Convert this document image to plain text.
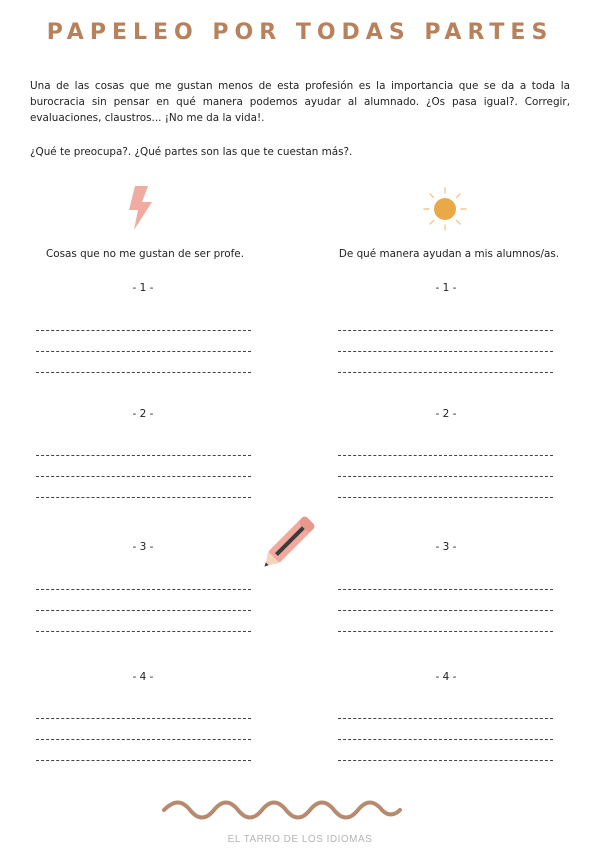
PAPELEO POR TODAS PARTES

Una de las cosas que me gustan menos de esta profesión es la importancia que se da a toda la burocracia sin pensar en qué manera podemos ayudar al alumnado. ¿Os pasa igual?. Corregir, evaluaciones, claustros... ¡No me da la vida!.

¿Qué te preocupa?. ¿Qué partes son las que te cuestan más?.

Cosas que no me gustan de ser profe.	De qué manera ayudan a mis alumnos/as.
- 1 -	- 1 -
- 2 -	- 2 -
- 3 -	- 3 -
- 4 -	- 4 -
EL TARRO DE LOS IDIOMAS
